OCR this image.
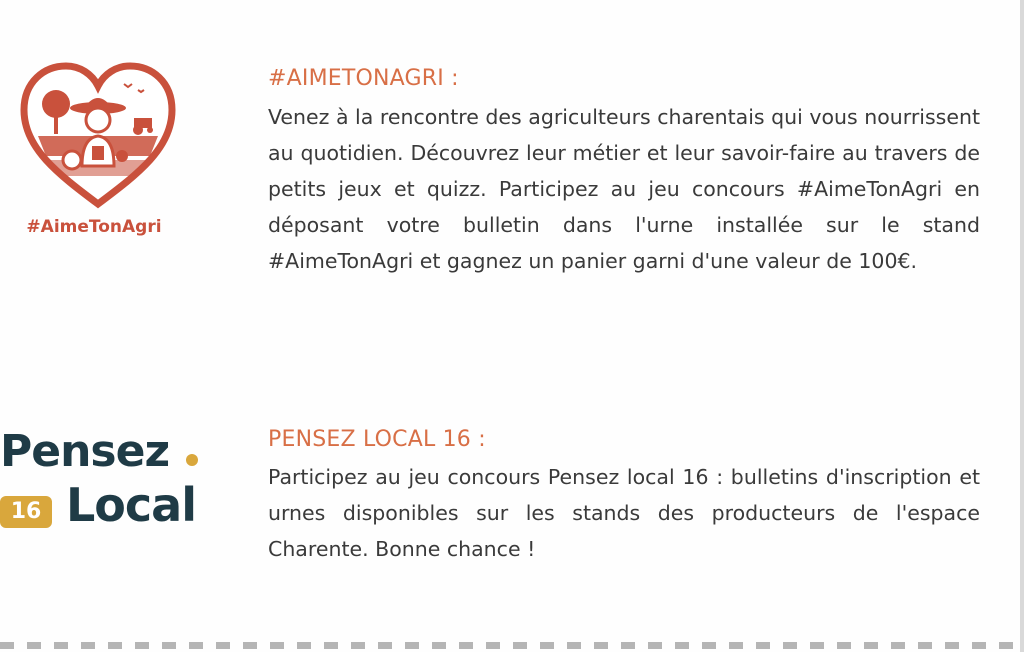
#AimeTonAgri
#AIMETONAGRI :

Venez à la rencontre des agriculteurs charentais qui vous nourrissent au quotidien. Découvrez leur métier et leur savoir-faire au travers de petits jeux et quizz. Participez au jeu concours #AimeTonAgri en déposant votre bulletin dans l'urne installée sur le stand #AimeTonAgri et gagnez un panier garni d'une valeur de 100€.

Pensez
16 Local
PENSEZ LOCAL 16 :

Participez au jeu concours Pensez local 16 : bulletins d'inscription et urnes disponibles sur les stands des producteurs de l'espace Charente. Bonne chance !
